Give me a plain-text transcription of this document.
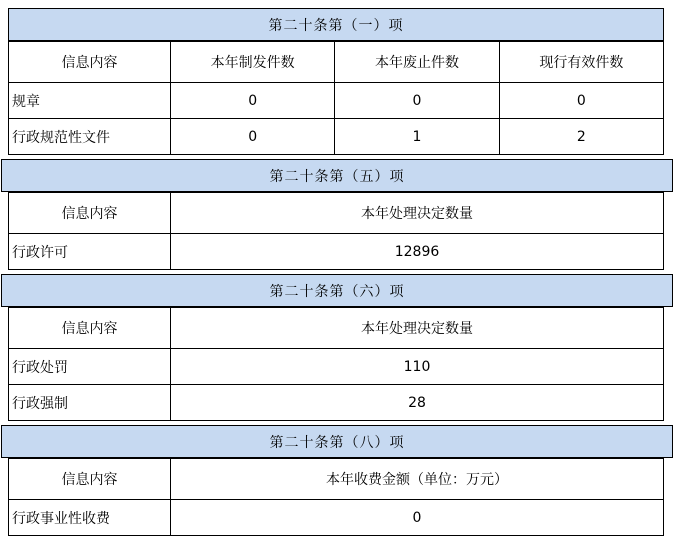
第二十条第（一）项
信息内容	本年制发件数	本年废止件数	现行有效件数
规章	0	0	0
行政规范性文件	0	1	2
第二十条第（五）项
信息内容	本年处理决定数量
行政许可	12896
第二十条第（六）项
信息内容	本年处理决定数量
行政处罚	110
行政强制	28
第二十条第（八）项
信息内容	本年收费金额（单位：万元）
行政事业性收费	0
